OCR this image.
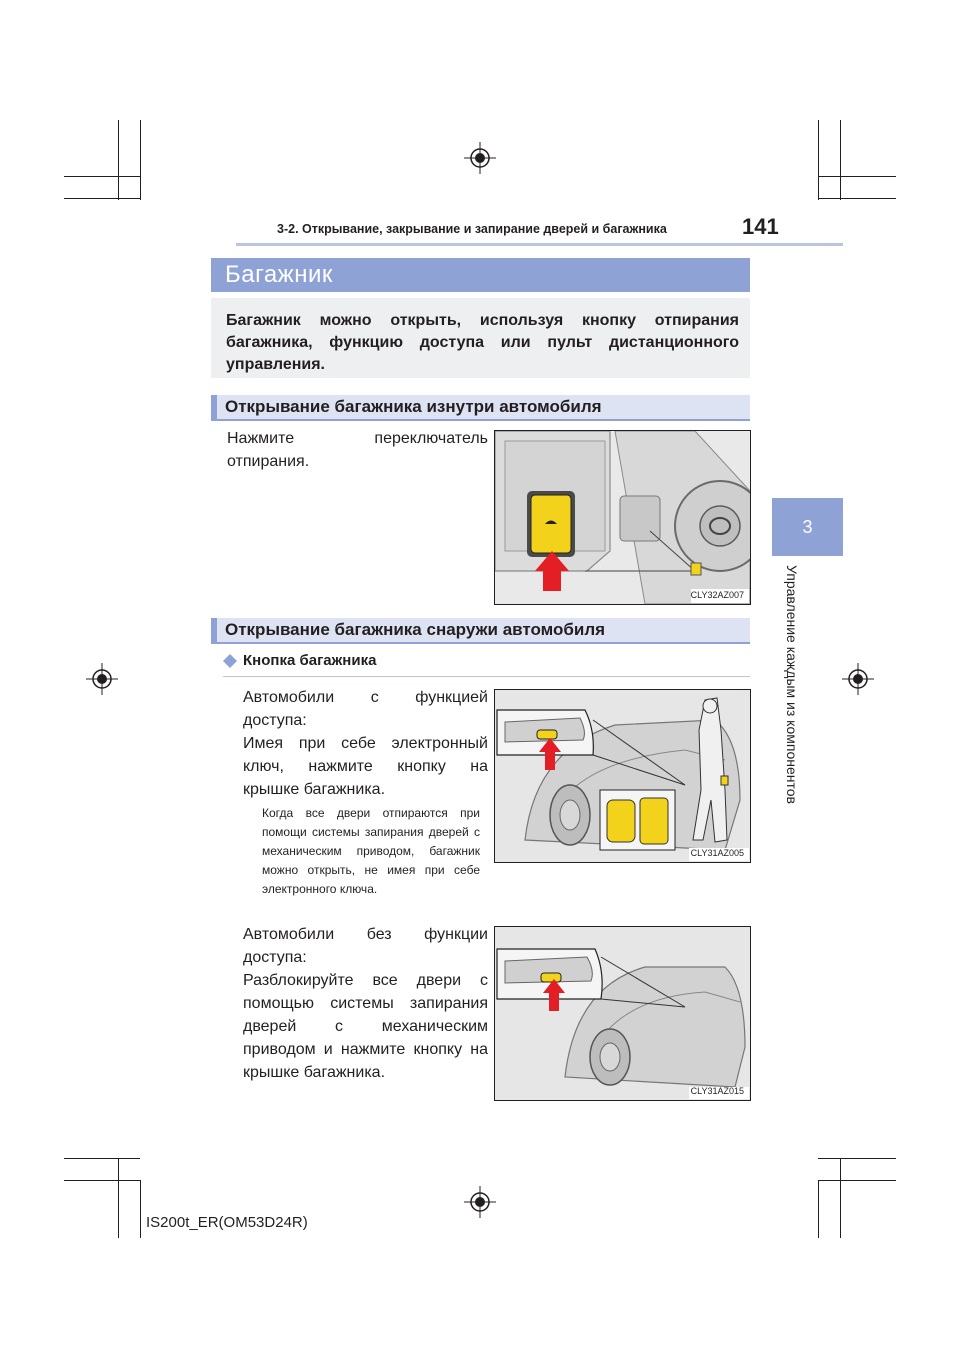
3-2. Открывание, закрывание и запирание дверей и багажника	141
3
Управление каждым из компонентов
Багажник
Багажник можно открыть, используя кнопку отпирания багажника, функцию доступа или пульт дистанционного управления.
Открывание багажника изнутри автомобиля
Нажмите переключатель отпирания.
CLY32AZ007
Открывание багажника снаружи автомобиля
Кнопка багажника
Автомобили с функцией доступа:
Имея при себе электронный ключ, нажмите кнопку на крышке багажника.
Когда все двери отпираются при помощи системы запирания дверей с механическим приводом, багажник можно открыть, не имея при себе электронного ключа.
CLY31AZ005
Автомобили без функции доступа:
Разблокируйте все двери с помощью системы запирания дверей с механическим приводом и нажмите кнопку на крышке багажника.
CLY31AZ015
IS200t_ER(OM53D24R)
